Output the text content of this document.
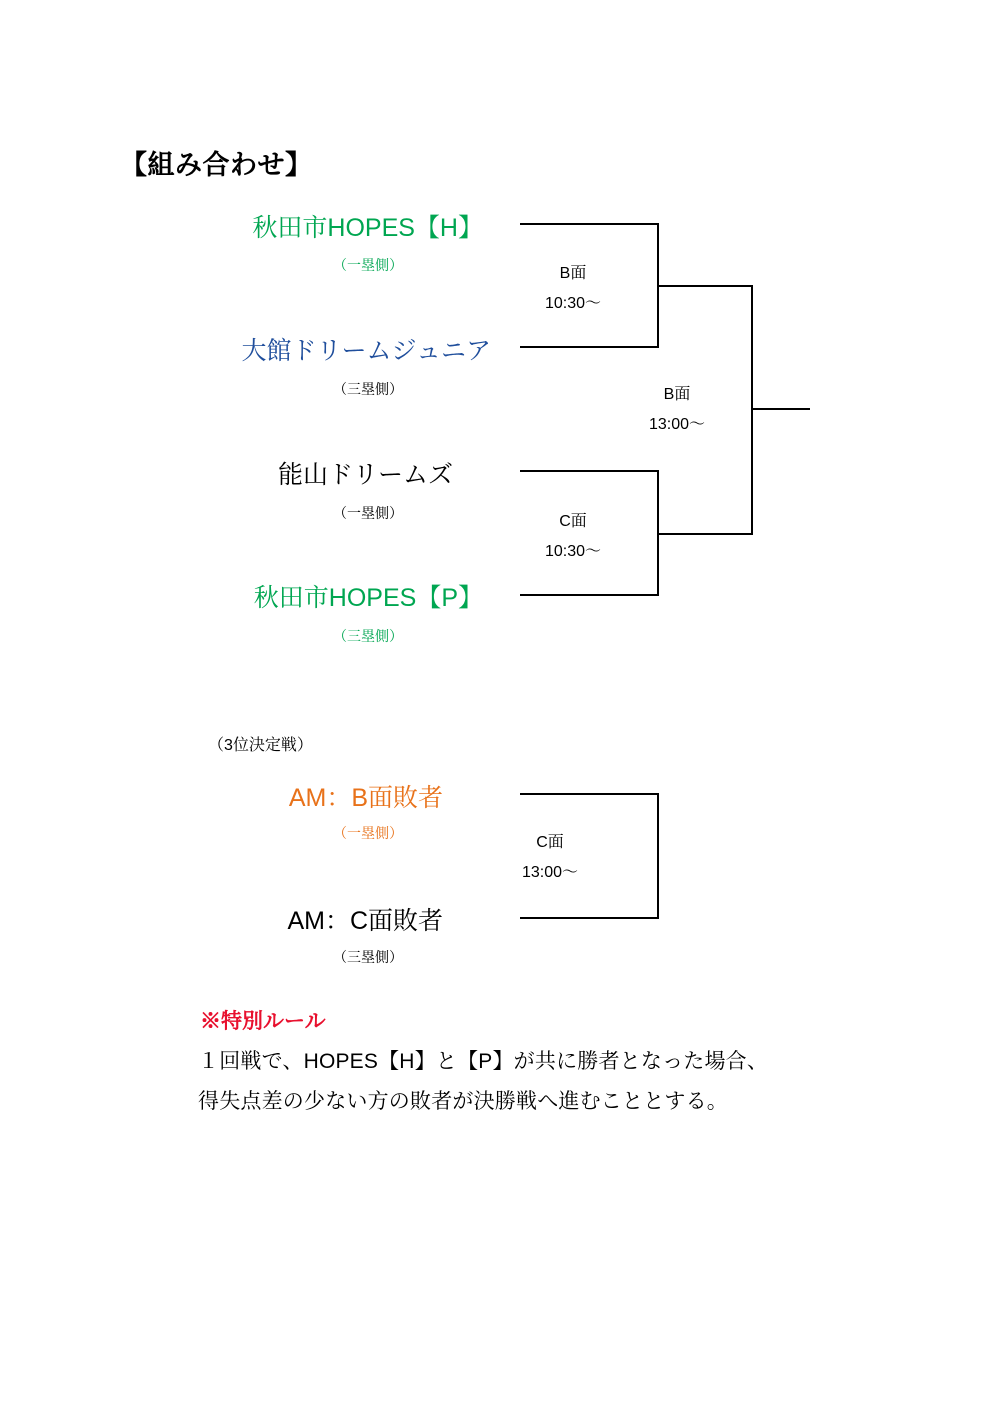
【組み合わせ】
秋田市HOPES【H】
（一塁側）
大館ドリームジュニア
（三塁側）
能山ドリームズ
（一塁側）
秋田市HOPES【P】
（三塁側）
B面
10:30～
C面
10:30～
B面
13:00～
（3位決定戦）
AM：B面敗者
（一塁側）
AM：C面敗者
（三塁側）
C面
13:00～
※特別ルール
１回戦で、HOPES【H】と【P】が共に勝者となった場合、
得失点差の少ない方の敗者が決勝戦へ進むこととする。
